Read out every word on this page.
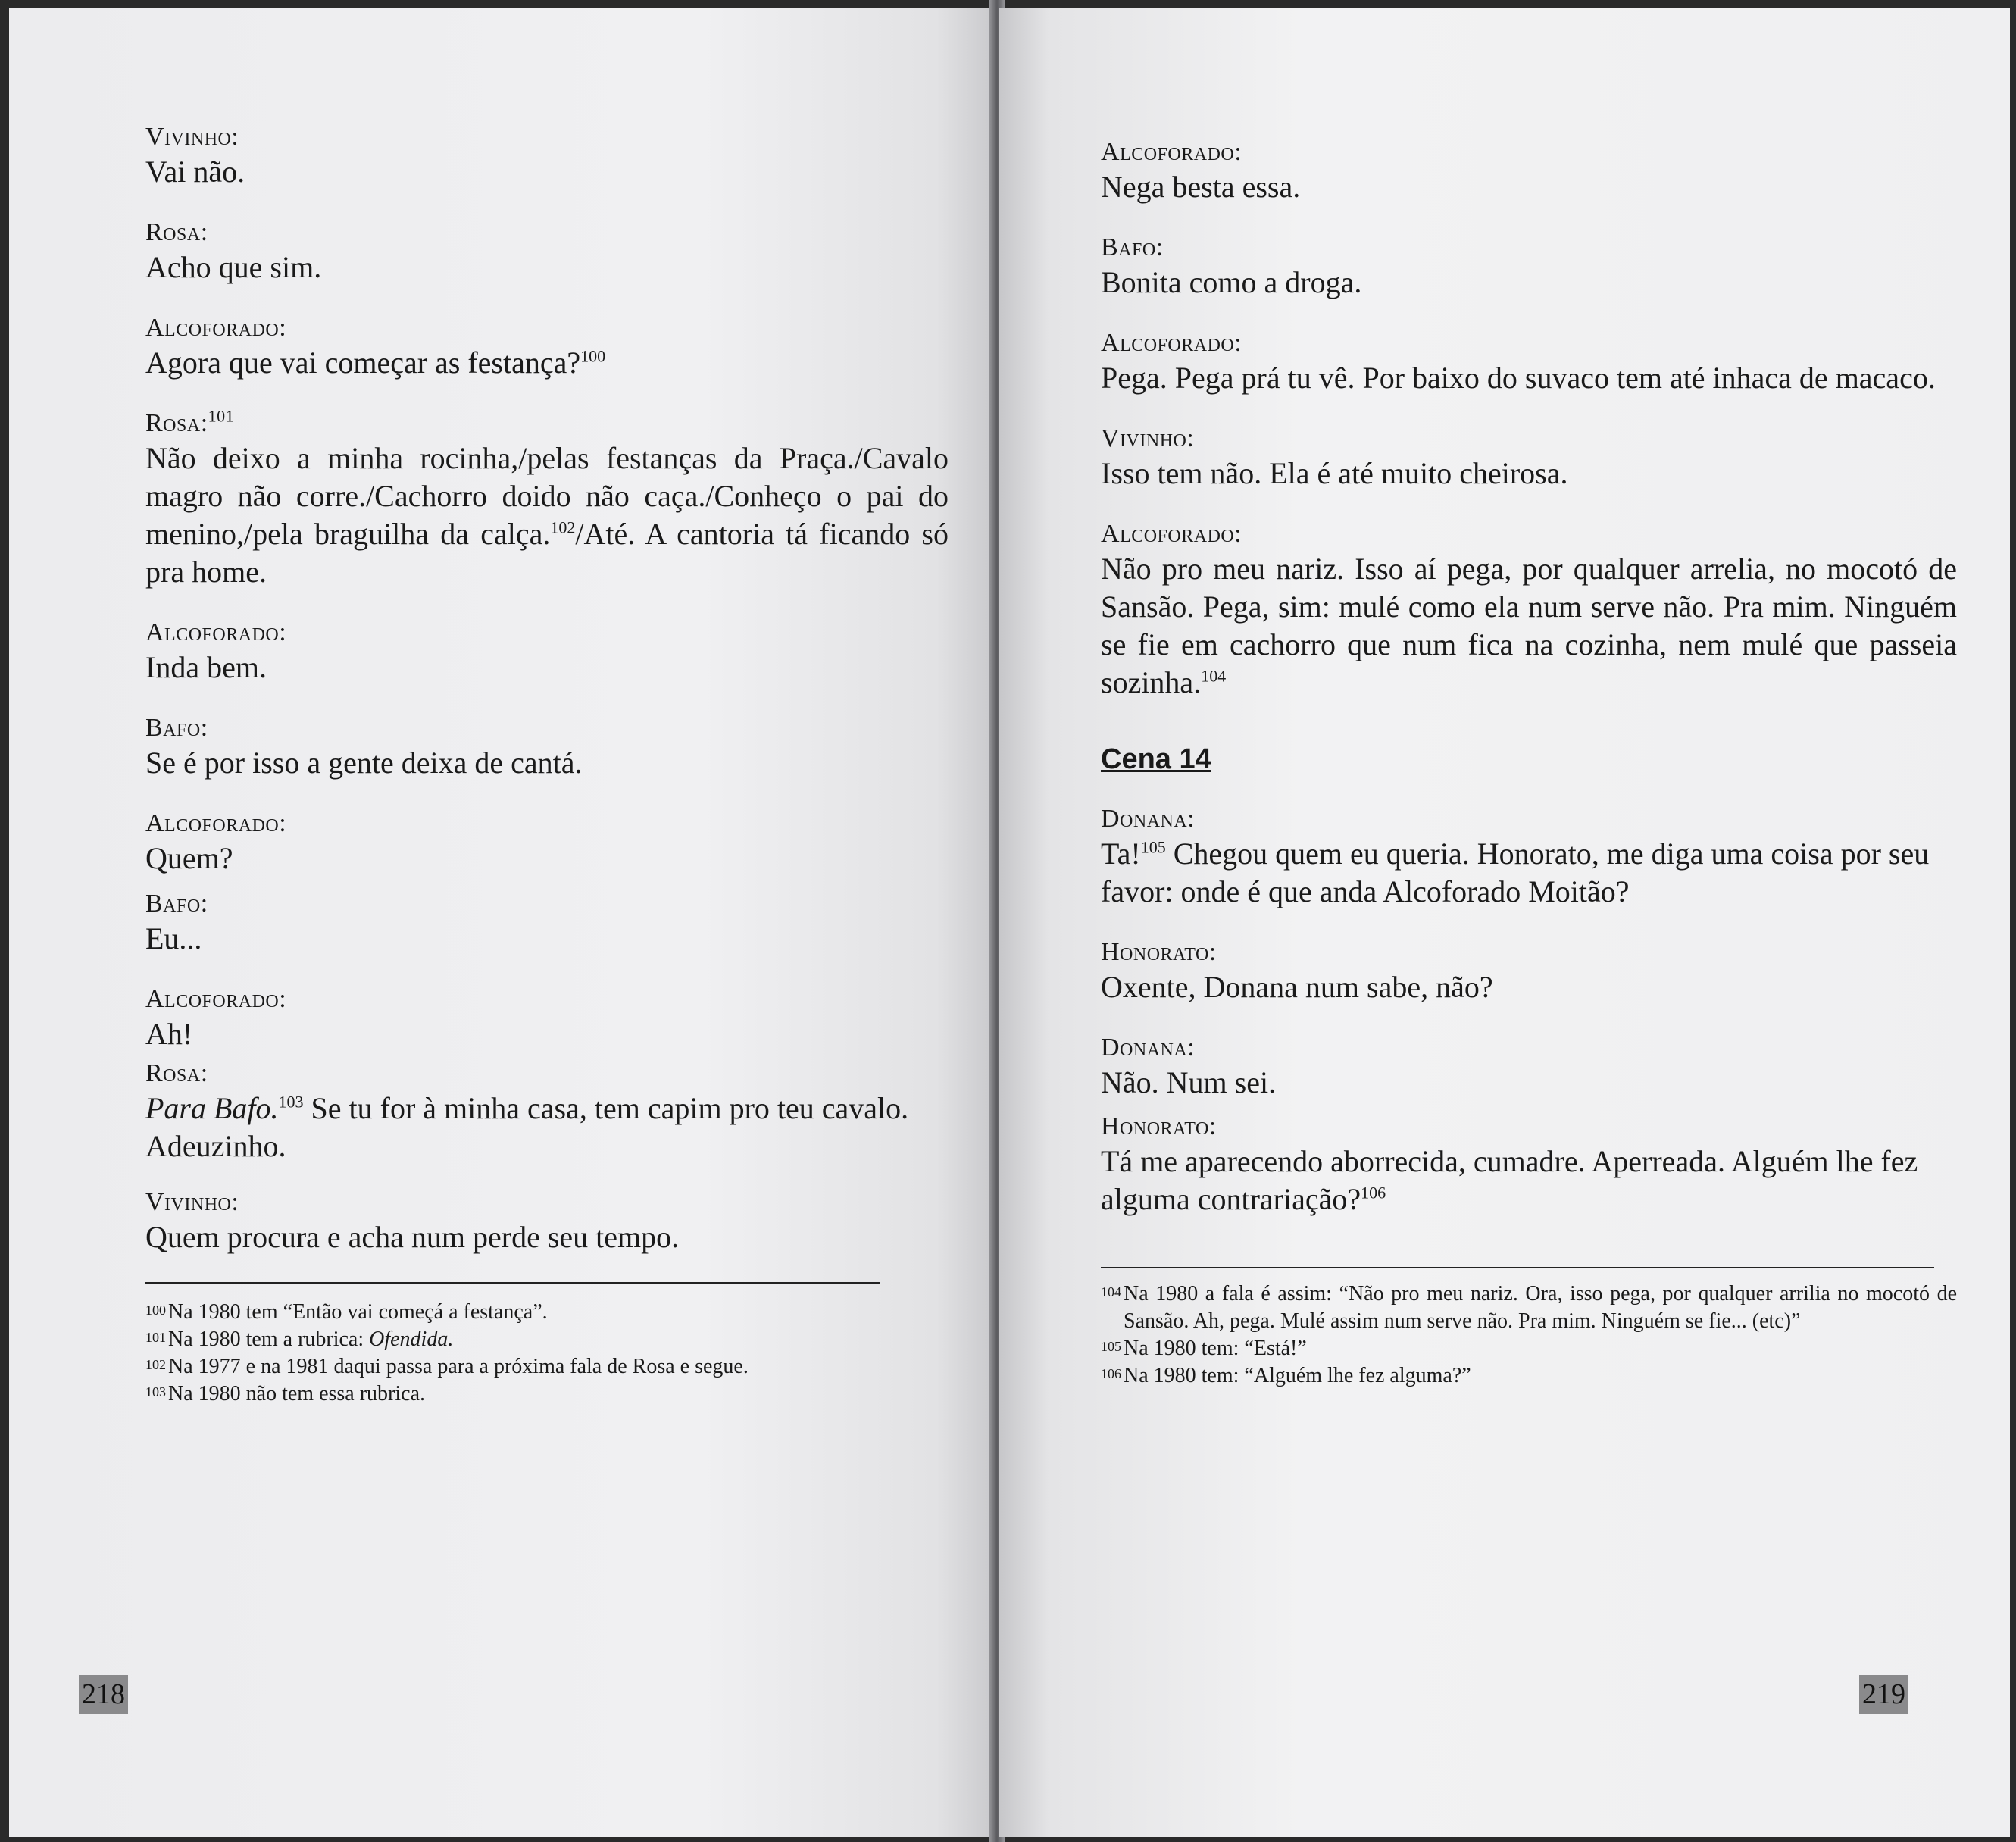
Vivinho:

Vai não.

Rosa:

Acho que sim.

Alcoforado:

Agora que vai começar as festança?$^{100}$

Rosa:$^{101}$

Não deixo a minha rocinha,/pelas festanças da Praça./Cavalo magro não corre./Cachorro doido não caça./Conheço o pai do menino,/pela braguilha da calça.$^{102}$/Até. A cantoria tá ficando só pra home.

Alcoforado:

Inda bem.

Bafo:

Se é por isso a gente deixa de cantá.

Alcoforado:

Quem?

Bafo:

Eu...

Alcoforado:

Ah!

Rosa:

Para Bafo.$^{103}$ Se tu for à minha casa, tem capim pro teu cavalo. Adeuzinho.

Vivinho:

Quem procura e acha num perde seu tempo.

100 Na 1980 tem “Então vai começá a festança”.

101 Na 1980 tem a rubrica: Ofendida.

102 Na 1977 e na 1981 daqui passa para a próxima fala de Rosa e segue.

103 Na 1980 não tem essa rubrica.

218

Alcoforado:

Nega besta essa.

Bafo:

Bonita como a droga.

Alcoforado:

Pega. Pega prá tu vê. Por baixo do suvaco tem até inhaca de macaco.

Vivinho:

Isso tem não. Ela é até muito cheirosa.

Alcoforado:

Não pro meu nariz. Isso aí pega, por qualquer arrelia, no mocotó de Sansão. Pega, sim: mulé como ela num serve não. Pra mim. Ninguém se fie em cachorro que num fica na cozinha, nem mulé que passeia sozinha.$^{104}$

Cena 14

Donana:

Ta!$^{105}$ Chegou quem eu queria. Honorato, me diga uma coisa por seu favor: onde é que anda Alcoforado Moitão?

Honorato:

Oxente, Donana num sabe, não?

Donana:

Não. Num sei.

Honorato:

Tá me aparecendo aborrecida, cumadre. Aperreada. Alguém lhe fez alguma contrariação?$^{106}$

104 Na 1980 a fala é assim: “Não pro meu nariz. Ora, isso pega, por qualquer arrilia no mocotó de Sansão. Ah, pega. Mulé assim num serve não. Pra mim. Ninguém se fie... (etc)”

105 Na 1980 tem: “Está!”

106 Na 1980 tem: “Alguém lhe fez alguma?”

219
